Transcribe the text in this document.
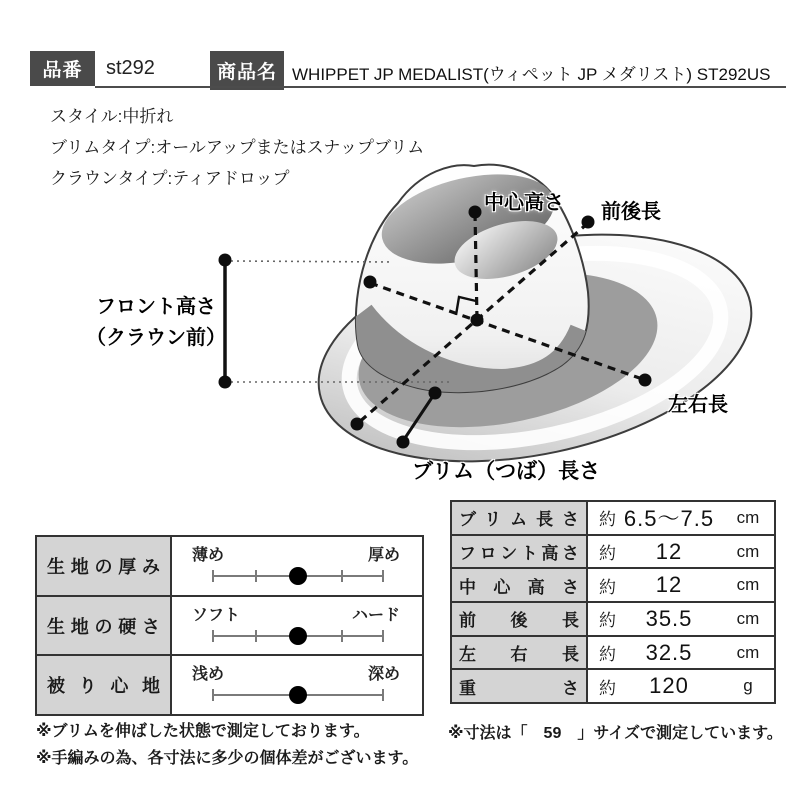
品番 st292	商品名 WHIPPET JP MEDALIST(ウィペット JP メダリスト) ST292US
スタイル:中折れ
ブリムタイプ:オールアップまたはスナップブリム
クラウンタイプ:ティアドロップ
中心高さ 前後長
フロント高さ
（クラウン前）
左右長
ブリム（つば）長さ
生地の厚み
薄め	厚め
生地の硬さ
ソフト	ハード
被り心地
浅め	深め
ブリム長さ 約 6.5～7.5	cm
フロント高さ 約	12	cm
中心高さ 約	12	cm
前後長 約	35.5	cm
左右長 約	32.5	cm
重さ 約	120	g
※ブリムを伸ばした状態で測定しております。
※手編みの為、各寸法に多少の個体差がございます。
※寸法は「　59　」サイズで測定しています。
